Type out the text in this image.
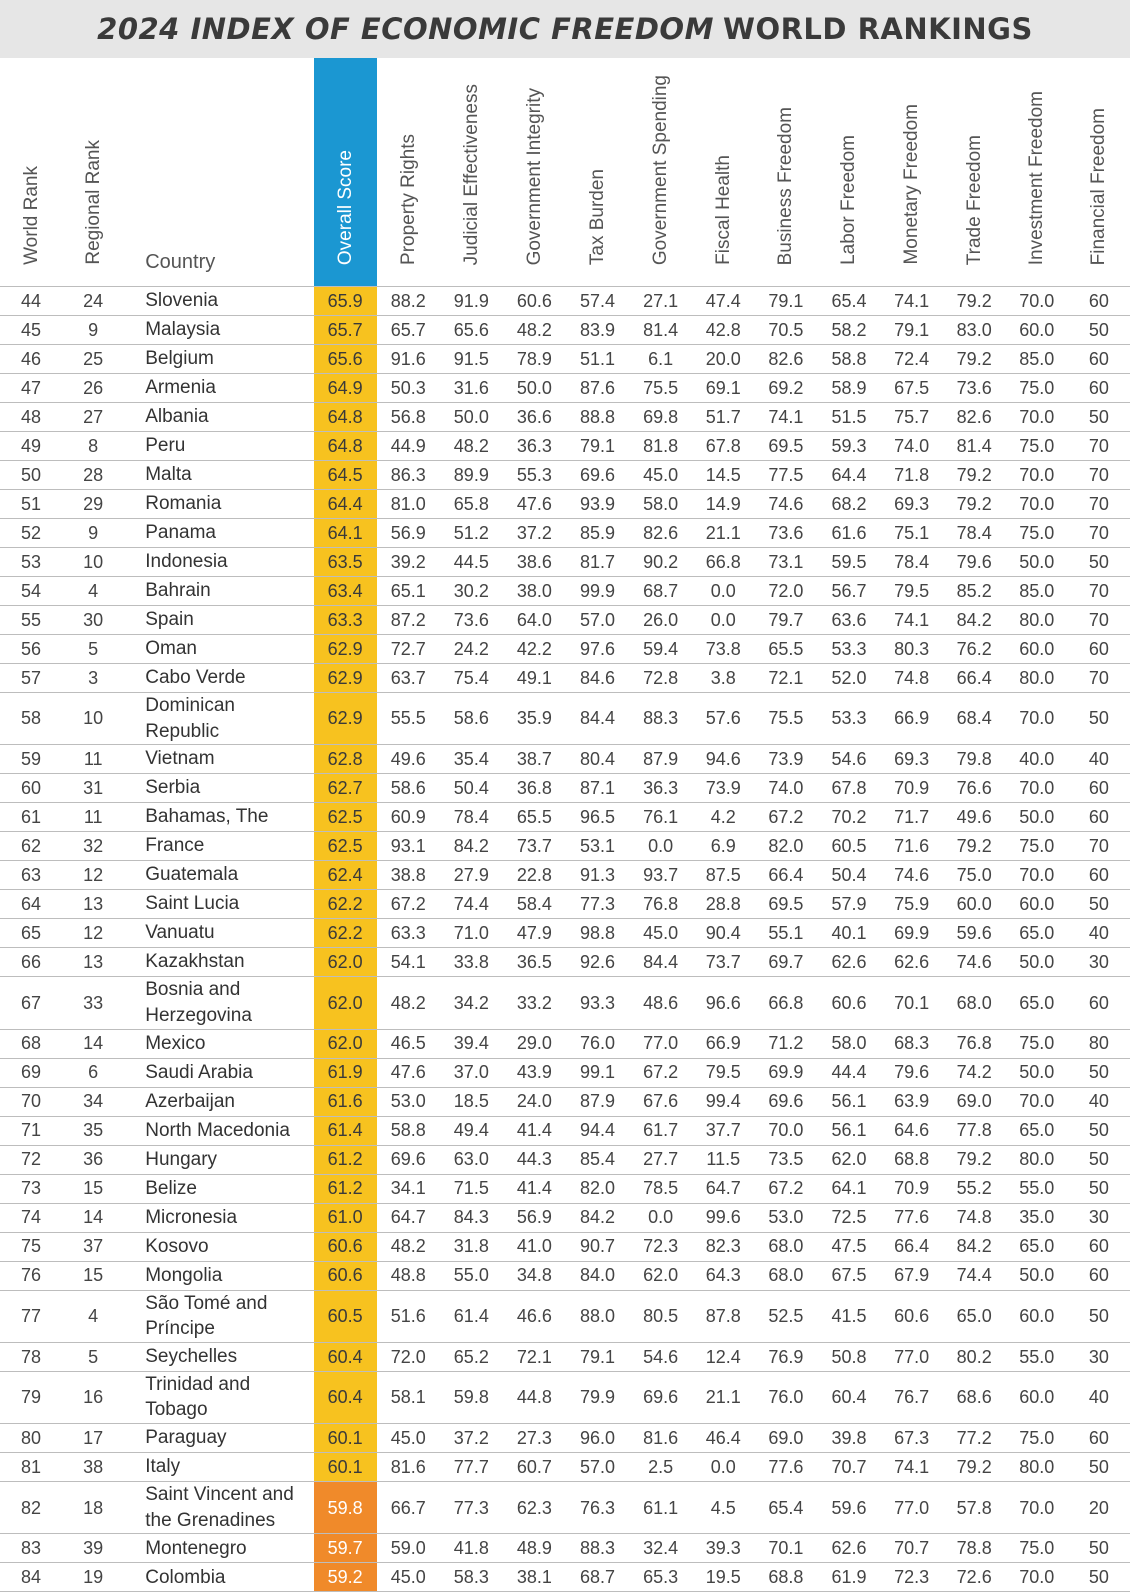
2024 INDEX OF ECONOMIC FREEDOM WORLD RANKINGS
World Rank	Regional Rank	Country	Overall Score	Property Rights	Judicial Effectiveness	Government Integrity	Tax Burden	Government Spending	Fiscal Health	Business Freedom	Labor Freedom	Monetary Freedom	Trade Freedom	Investment Freedom	Financial Freedom
44	24	Slovenia	65.9	88.2	91.9	60.6	57.4	27.1	47.4	79.1	65.4	74.1	79.2	70.0	60
45	9	Malaysia	65.7	65.7	65.6	48.2	83.9	81.4	42.8	70.5	58.2	79.1	83.0	60.0	50
46	25	Belgium	65.6	91.6	91.5	78.9	51.1	6.1	20.0	82.6	58.8	72.4	79.2	85.0	60
47	26	Armenia	64.9	50.3	31.6	50.0	87.6	75.5	69.1	69.2	58.9	67.5	73.6	75.0	60
48	27	Albania	64.8	56.8	50.0	36.6	88.8	69.8	51.7	74.1	51.5	75.7	82.6	70.0	50
49	8	Peru	64.8	44.9	48.2	36.3	79.1	81.8	67.8	69.5	59.3	74.0	81.4	75.0	70
50	28	Malta	64.5	86.3	89.9	55.3	69.6	45.0	14.5	77.5	64.4	71.8	79.2	70.0	70
51	29	Romania	64.4	81.0	65.8	47.6	93.9	58.0	14.9	74.6	68.2	69.3	79.2	70.0	70
52	9	Panama	64.1	56.9	51.2	37.2	85.9	82.6	21.1	73.6	61.6	75.1	78.4	75.0	70
53	10	Indonesia	63.5	39.2	44.5	38.6	81.7	90.2	66.8	73.1	59.5	78.4	79.6	50.0	50
54	4	Bahrain	63.4	65.1	30.2	38.0	99.9	68.7	0.0	72.0	56.7	79.5	85.2	85.0	70
55	30	Spain	63.3	87.2	73.6	64.0	57.0	26.0	0.0	79.7	63.6	74.1	84.2	80.0	70
56	5	Oman	62.9	72.7	24.2	42.2	97.6	59.4	73.8	65.5	53.3	80.3	76.2	60.0	60
57	3	Cabo Verde	62.9	63.7	75.4	49.1	84.6	72.8	3.8	72.1	52.0	74.8	66.4	80.0	70
58	10	Dominican Republic	62.9	55.5	58.6	35.9	84.4	88.3	57.6	75.5	53.3	66.9	68.4	70.0	50
59	11	Vietnam	62.8	49.6	35.4	38.7	80.4	87.9	94.6	73.9	54.6	69.3	79.8	40.0	40
60	31	Serbia	62.7	58.6	50.4	36.8	87.1	36.3	73.9	74.0	67.8	70.9	76.6	70.0	60
61	11	Bahamas, The	62.5	60.9	78.4	65.5	96.5	76.1	4.2	67.2	70.2	71.7	49.6	50.0	60
62	32	France	62.5	93.1	84.2	73.7	53.1	0.0	6.9	82.0	60.5	71.6	79.2	75.0	70
63	12	Guatemala	62.4	38.8	27.9	22.8	91.3	93.7	87.5	66.4	50.4	74.6	75.0	70.0	60
64	13	Saint Lucia	62.2	67.2	74.4	58.4	77.3	76.8	28.8	69.5	57.9	75.9	60.0	60.0	50
65	12	Vanuatu	62.2	63.3	71.0	47.9	98.8	45.0	90.4	55.1	40.1	69.9	59.6	65.0	40
66	13	Kazakhstan	62.0	54.1	33.8	36.5	92.6	84.4	73.7	69.7	62.6	62.6	74.6	50.0	30
67	33	Bosnia and Herzegovina	62.0	48.2	34.2	33.2	93.3	48.6	96.6	66.8	60.6	70.1	68.0	65.0	60
68	14	Mexico	62.0	46.5	39.4	29.0	76.0	77.0	66.9	71.2	58.0	68.3	76.8	75.0	80
69	6	Saudi Arabia	61.9	47.6	37.0	43.9	99.1	67.2	79.5	69.9	44.4	79.6	74.2	50.0	50
70	34	Azerbaijan	61.6	53.0	18.5	24.0	87.9	67.6	99.4	69.6	56.1	63.9	69.0	70.0	40
71	35	North Macedonia	61.4	58.8	49.4	41.4	94.4	61.7	37.7	70.0	56.1	64.6	77.8	65.0	50
72	36	Hungary	61.2	69.6	63.0	44.3	85.4	27.7	11.5	73.5	62.0	68.8	79.2	80.0	50
73	15	Belize	61.2	34.1	71.5	41.4	82.0	78.5	64.7	67.2	64.1	70.9	55.2	55.0	50
74	14	Micronesia	61.0	64.7	84.3	56.9	84.2	0.0	99.6	53.0	72.5	77.6	74.8	35.0	30
75	37	Kosovo	60.6	48.2	31.8	41.0	90.7	72.3	82.3	68.0	47.5	66.4	84.2	65.0	60
76	15	Mongolia	60.6	48.8	55.0	34.8	84.0	62.0	64.3	68.0	67.5	67.9	74.4	50.0	60
77	4	São Tomé and Príncipe	60.5	51.6	61.4	46.6	88.0	80.5	87.8	52.5	41.5	60.6	65.0	60.0	50
78	5	Seychelles	60.4	72.0	65.2	72.1	79.1	54.6	12.4	76.9	50.8	77.0	80.2	55.0	30
79	16	Trinidad and Tobago	60.4	58.1	59.8	44.8	79.9	69.6	21.1	76.0	60.4	76.7	68.6	60.0	40
80	17	Paraguay	60.1	45.0	37.2	27.3	96.0	81.6	46.4	69.0	39.8	67.3	77.2	75.0	60
81	38	Italy	60.1	81.6	77.7	60.7	57.0	2.5	0.0	77.6	70.7	74.1	79.2	80.0	50
82	18	Saint Vincent and the Grenadines	59.8	66.7	77.3	62.3	76.3	61.1	4.5	65.4	59.6	77.0	57.8	70.0	20
83	39	Montenegro	59.7	59.0	41.8	48.9	88.3	32.4	39.3	70.1	62.6	70.7	78.8	75.0	50
84	19	Colombia	59.2	45.0	58.3	38.1	68.7	65.3	19.5	68.8	61.9	72.3	72.6	70.0	50
